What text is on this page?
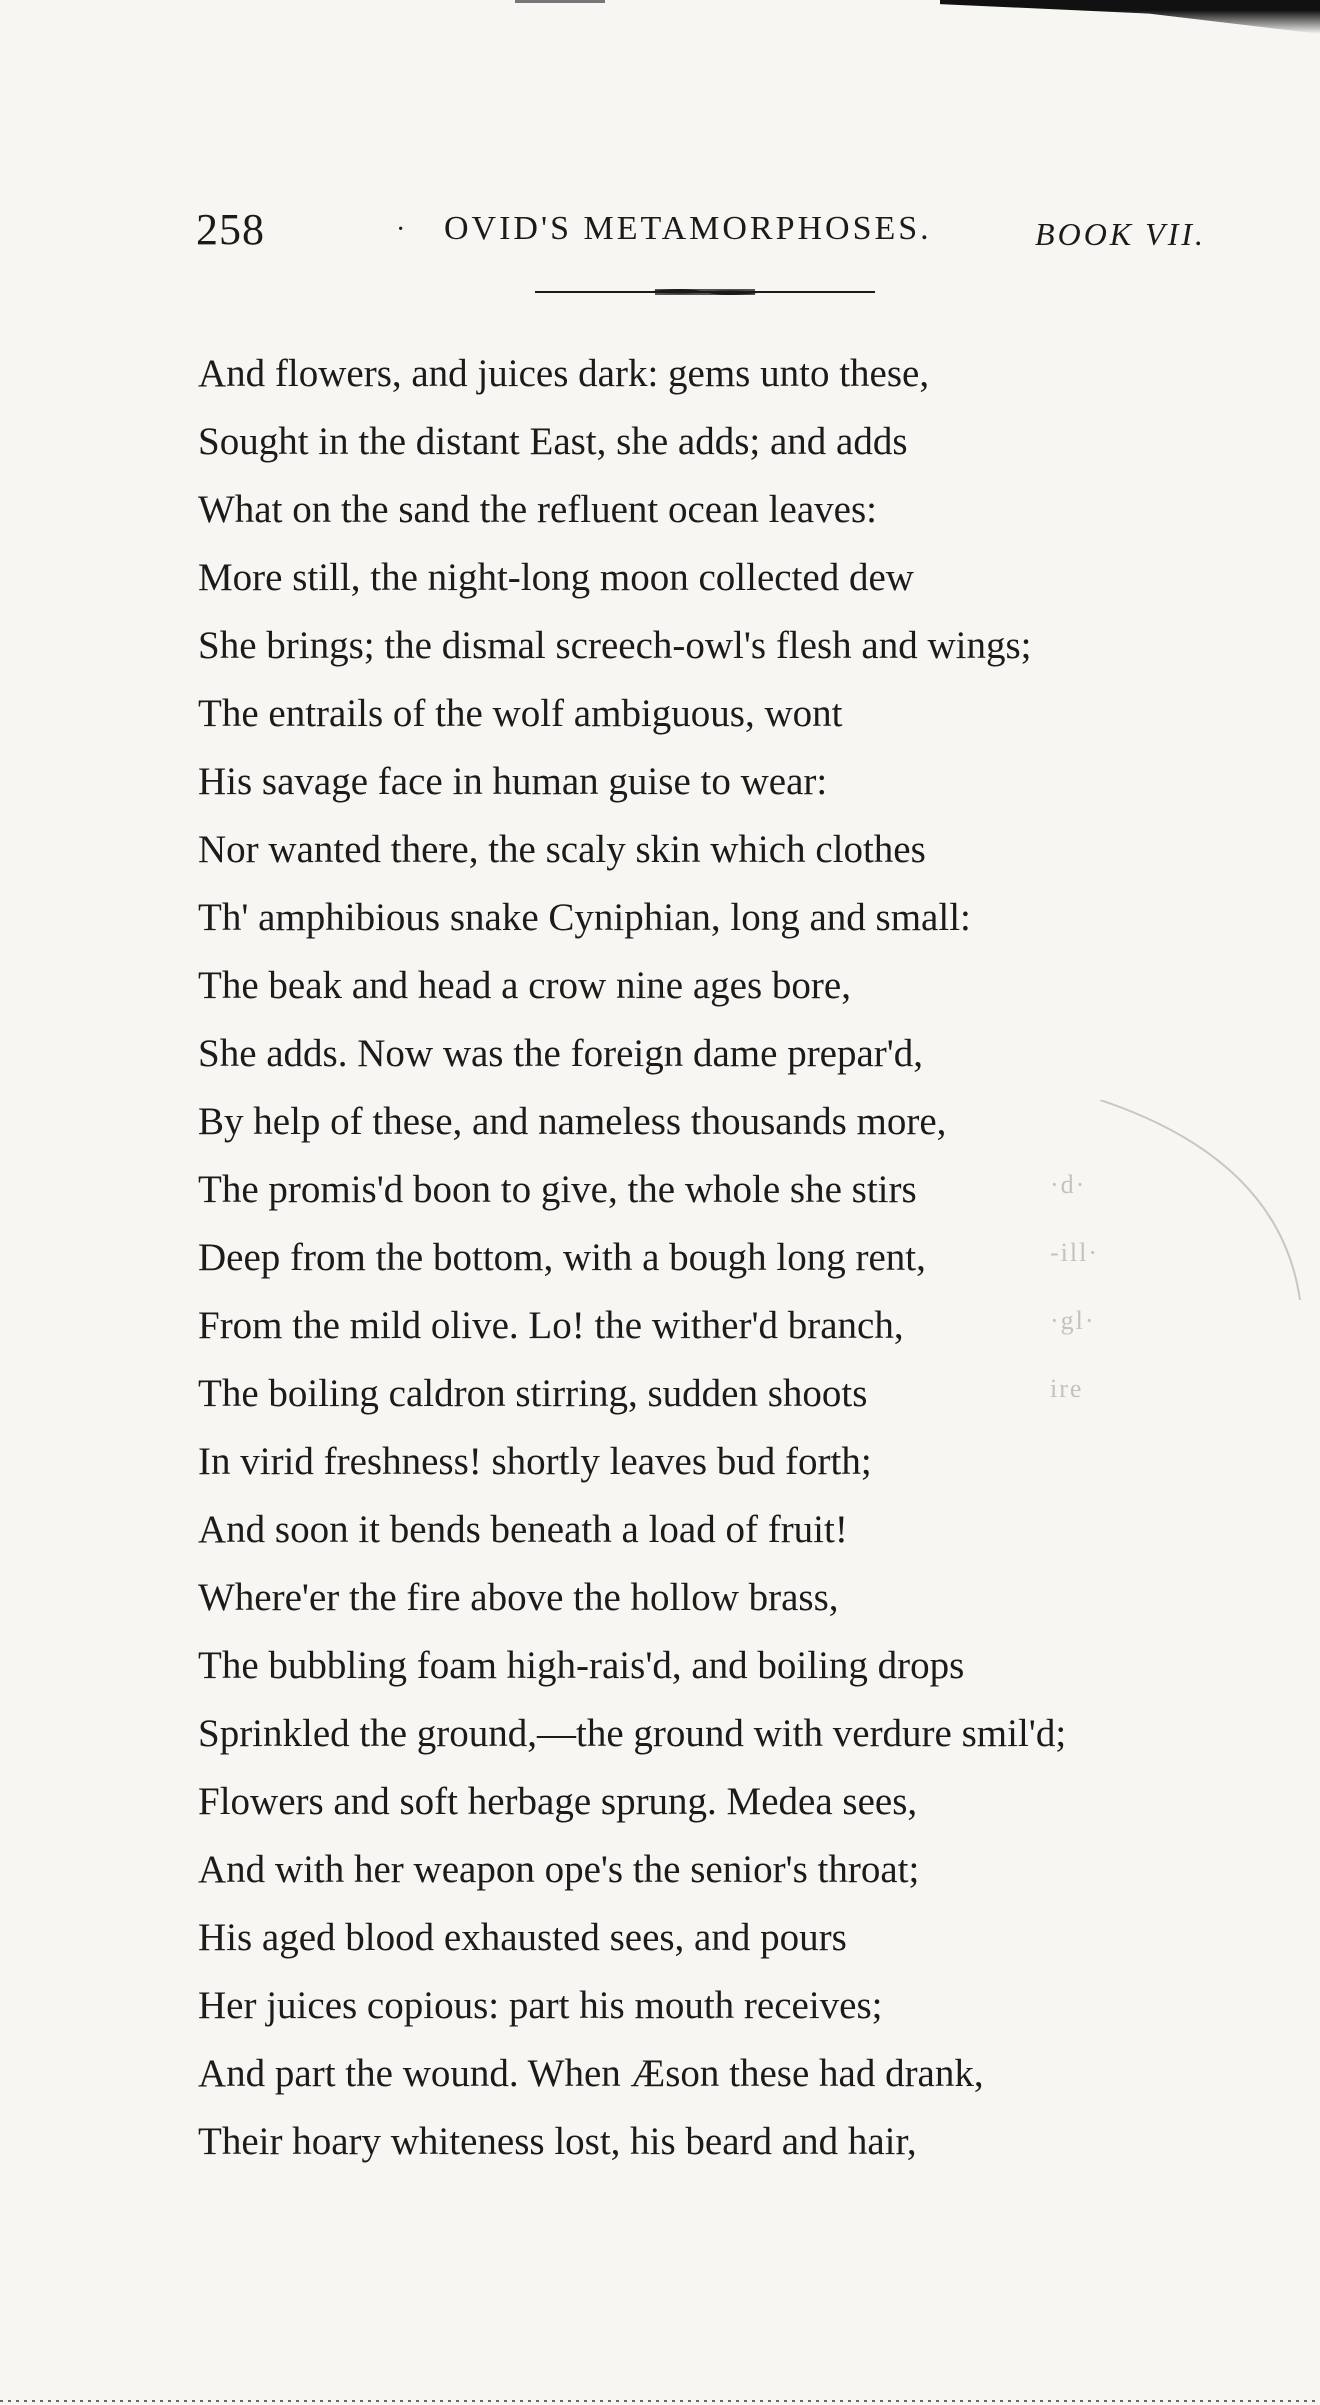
258	· OVID'S METAMORPHOSES.	BOOK VII.
And flowers, and juices dark: gems unto these,
Sought in the distant East, she adds; and adds
What on the sand the refluent ocean leaves:
More still, the night-long moon collected dew
She brings; the dismal screech-owl's flesh and wings;
The entrails of the wolf ambiguous, wont
His savage face in human guise to wear:
Nor wanted there, the scaly skin which clothes
Th' amphibious snake Cyniphian, long and small:
The beak and head a crow nine ages bore,
She adds. Now was the foreign dame prepar'd,
By help of these, and nameless thousands more,
The promis'd boon to give, the whole she stirs
Deep from the bottom, with a bough long rent,
From the mild olive. Lo! the wither'd branch,
The boiling caldron stirring, sudden shoots
In virid freshness! shortly leaves bud forth;
And soon it bends beneath a load of fruit!
Where'er the fire above the hollow brass,
The bubbling foam high-rais'd, and boiling drops
Sprinkled the ground,—the ground with verdure smil'd;
Flowers and soft herbage sprung. Medea sees,
And with her weapon ope's the senior's throat;
His aged blood exhausted sees, and pours
Her juices copious: part his mouth receives;
And part the wound. When Æson these had drank,
Their hoary whiteness lost, his beard and hair,
·d·
-ill·
·gl·
ire
